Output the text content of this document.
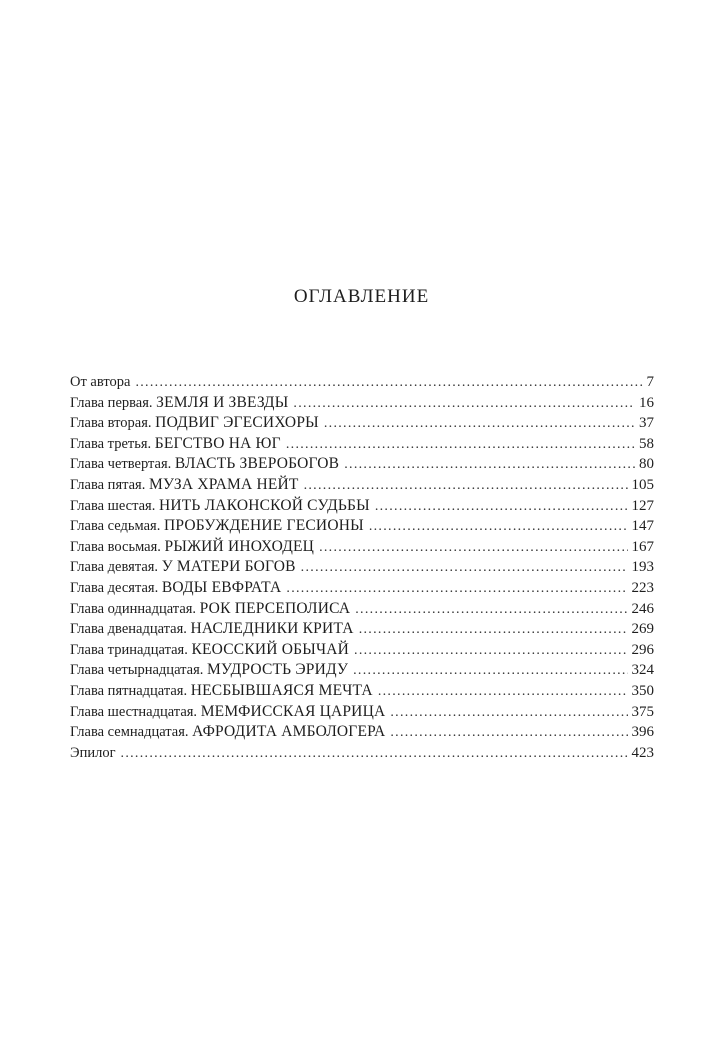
ОГЛАВЛЕНИЕ
От автора . . .	7
Глава первая. ЗЕМЛЯ И ЗВЕЗДЫ . . .	16
Глава вторая. ПОДВИГ ЭГЕСИХОРЫ . . .	37
Глава третья. БЕГСТВО НА ЮГ . . .	58
Глава четвертая. ВЛАСТЬ ЗВЕРОБОГОВ . . .	80
Глава пятая. МУЗА ХРАМА НЕЙТ . . .	105
Глава шестая. НИТЬ ЛАКОНСКОЙ СУДЬБЫ . . .	127
Глава седьмая. ПРОБУЖДЕНИЕ ГЕСИОНЫ . . .	147
Глава восьмая. РЫЖИЙ ИНОХОДЕЦ . . .	167
Глава девятая. У МАТЕРИ БОГОВ . . .	193
Глава десятая. ВОДЫ ЕВФРАТА . . .	223
Глава одиннадцатая. РОК ПЕРСЕПОЛИСА . . .	246
Глава двенадцатая. НАСЛЕДНИКИ КРИТА . . .	269
Глава тринадцатая. КЕОССКИЙ ОБЫЧАЙ . . .	296
Глава четырнадцатая. МУДРОСТЬ ЭРИДУ . . .	324
Глава пятнадцатая. НЕСБЫВШАЯСЯ МЕЧТА . . .	350
Глава шестнадцатая. МЕМФИССКАЯ ЦАРИЦА . . .	375
Глава семнадцатая. АФРОДИТА АМБОЛОГЕРА . . .	396
Эпилог . . .	423
